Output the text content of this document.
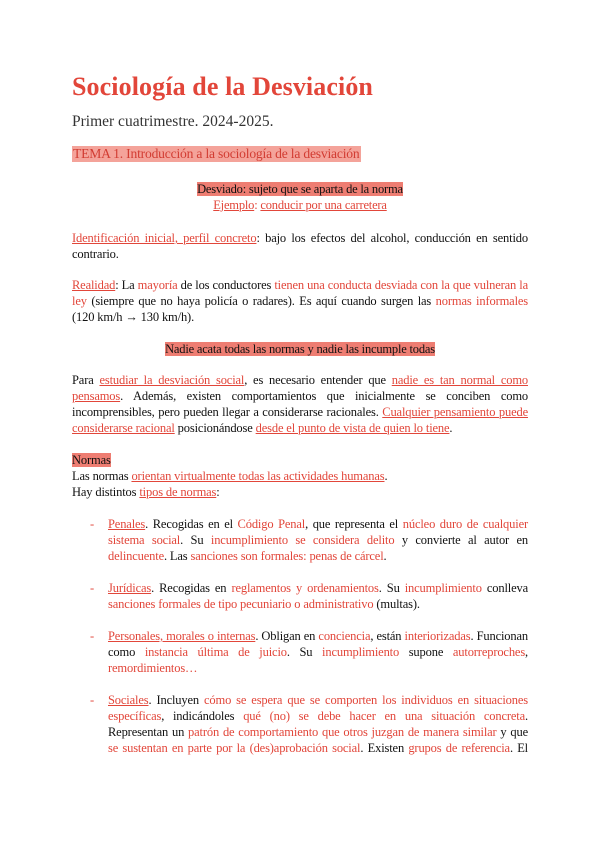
Sociología de la Desviación
Primer cuatrimestre. 2024-2025.
TEMA 1. Introducción a la sociología de la desviación
Desviado: sujeto que se aparta de la norma
Ejemplo: conducir por una carretera
Identificación inicial, perfil concreto: bajo los efectos del alcohol, conducción en sentido
contrario.
Realidad: La mayoría de los conductores tienen una conducta desviada con la que vulneran la
ley (siempre que no haya policía o radares). Es aquí cuando surgen las normas informales
(120 km/h → 130 km/h).
Nadie acata todas las normas y nadie las incumple todas
Para estudiar la desviación social, es necesario entender que nadie es tan normal como
pensamos. Además, existen comportamientos que inicialmente se conciben como
incomprensibles, pero pueden llegar a considerarse racionales. Cualquier pensamiento puede
considerarse racional posicionándose desde el punto de vista de quien lo tiene.
Normas
Las normas orientan virtualmente todas las actividades humanas.
Hay distintos tipos de normas:
- Penales. Recogidas en el Código Penal, que representa el núcleo duro de cualquier
sistema social. Su incumplimiento se considera delito y convierte al autor en
delincuente. Las sanciones son formales: penas de cárcel.
- Jurídicas. Recogidas en reglamentos y ordenamientos. Su incumplimiento conlleva
sanciones formales de tipo pecuniario o administrativo (multas).
- Personales, morales o internas. Obligan en conciencia, están interiorizadas. Funcionan
como instancia última de juicio. Su incumplimiento supone autorreproches,
remordimientos…
- Sociales. Incluyen cómo se espera que se comporten los individuos en situaciones
específicas, indicándoles qué (no) se debe hacer en una situación concreta.
Representan un patrón de comportamiento que otros juzgan de manera similar y que
se sustentan en parte por la (des)aprobación social. Existen grupos de referencia. El
